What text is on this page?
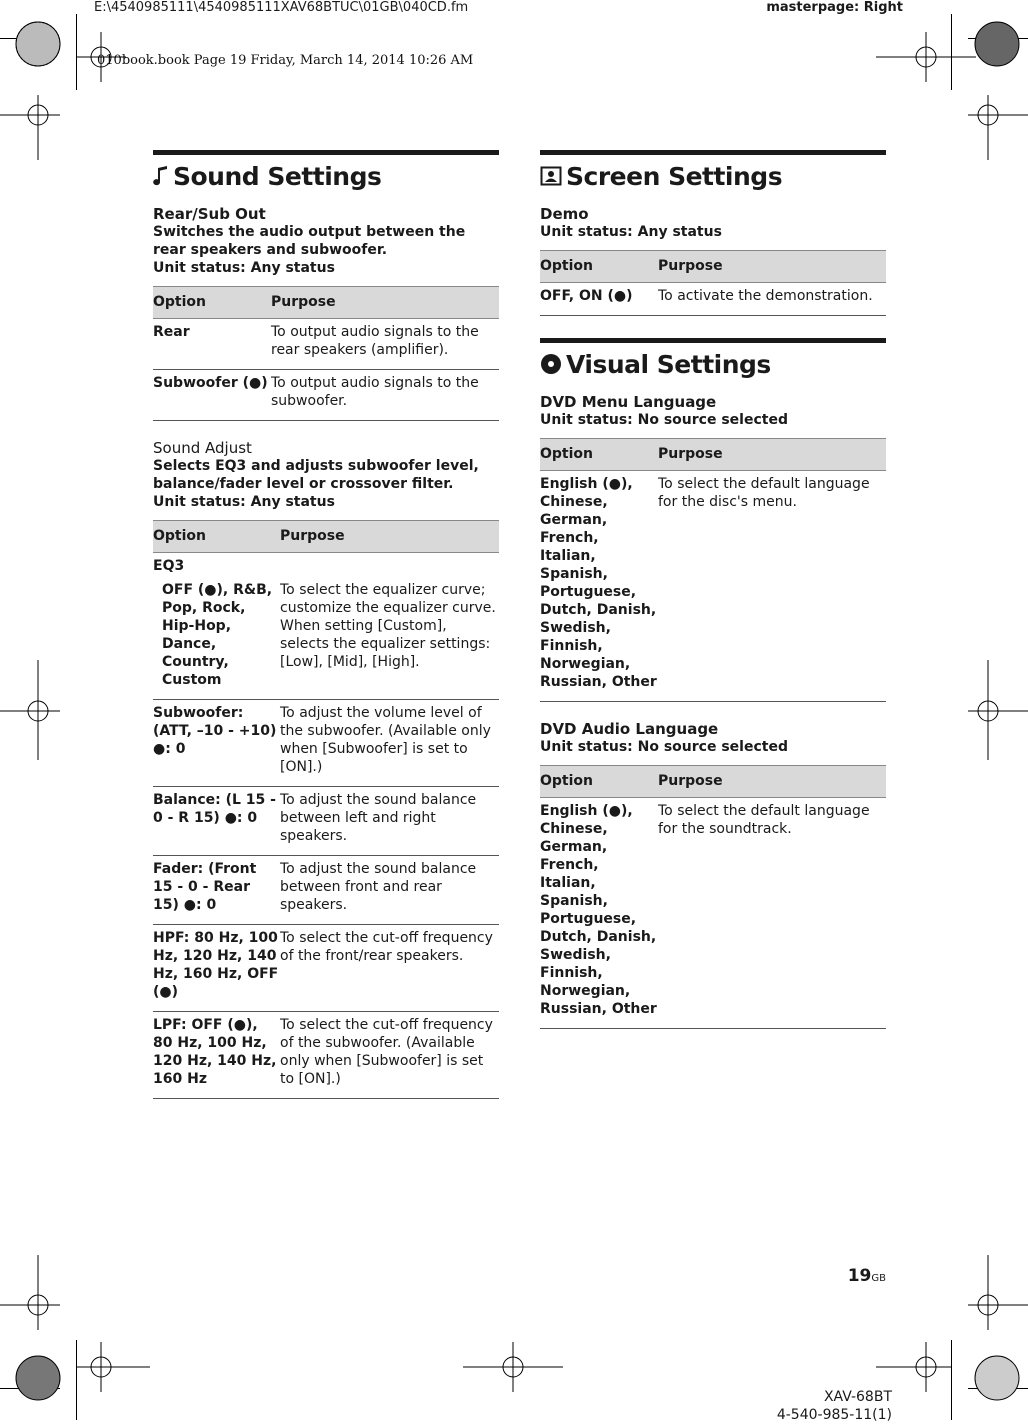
E:\4540985111\4540985111XAV68BTUC\01GB\040CD.fm	masterpage: Right
010book.book Page 19 Friday, March 14, 2014 10:26 AM
Sound Settings
Rear/Sub Out
Switches the audio output between the rear speakers and subwoofer.
Unit status: Any status
Option	Purpose
Rear	To output audio signals to the rear speakers (amplifier).
Subwoofer (●)	To output audio signals to the subwoofer.
Sound Adjust
Selects EQ3 and adjusts subwoofer level, balance/fader level or crossover filter.
Unit status: Any status
Option	Purpose
EQ3	
OFF (●), R&B, Pop, Rock, Hip-Hop, Dance, Country, Custom	To select the equalizer curve; customize the equalizer curve. When setting [Custom], selects the equalizer settings: [Low], [Mid], [High].
Subwoofer: (ATT, –10 - +10) ●: 0	To adjust the volume level of the subwoofer. (Available only when [Subwoofer] is set to [ON].)
Balance: (L 15 - 0 - R 15) ●: 0	To adjust the sound balance between left and right speakers.
Fader: (Front 15 - 0 - Rear 15) ●: 0	To adjust the sound balance between front and rear speakers.
HPF: 80 Hz, 100 Hz, 120 Hz, 140 Hz, 160 Hz, OFF (●)	To select the cut-off frequency of the front/rear speakers.
LPF: OFF (●), 80 Hz, 100 Hz, 120 Hz, 140 Hz, 160 Hz	To select the cut-off frequency of the subwoofer. (Available only when [Subwoofer] is set to [ON].)
Screen Settings
Demo
Unit status: Any status
Option	Purpose
OFF, ON (●)	To activate the demonstration.
Visual Settings
DVD Menu Language
Unit status: No source selected
Option	Purpose
English (●), Chinese, German, French, Italian, Spanish, Portuguese, Dutch, Danish, Swedish, Finnish, Norwegian, Russian, Other	To select the default language for the disc's menu.
DVD Audio Language
Unit status: No source selected
Option	Purpose
English (●), Chinese, German, French, Italian, Spanish, Portuguese, Dutch, Danish, Swedish, Finnish, Norwegian, Russian, Other	To select the default language for the soundtrack.
19GB
XAV-68BT
4-540-985-11(1)
